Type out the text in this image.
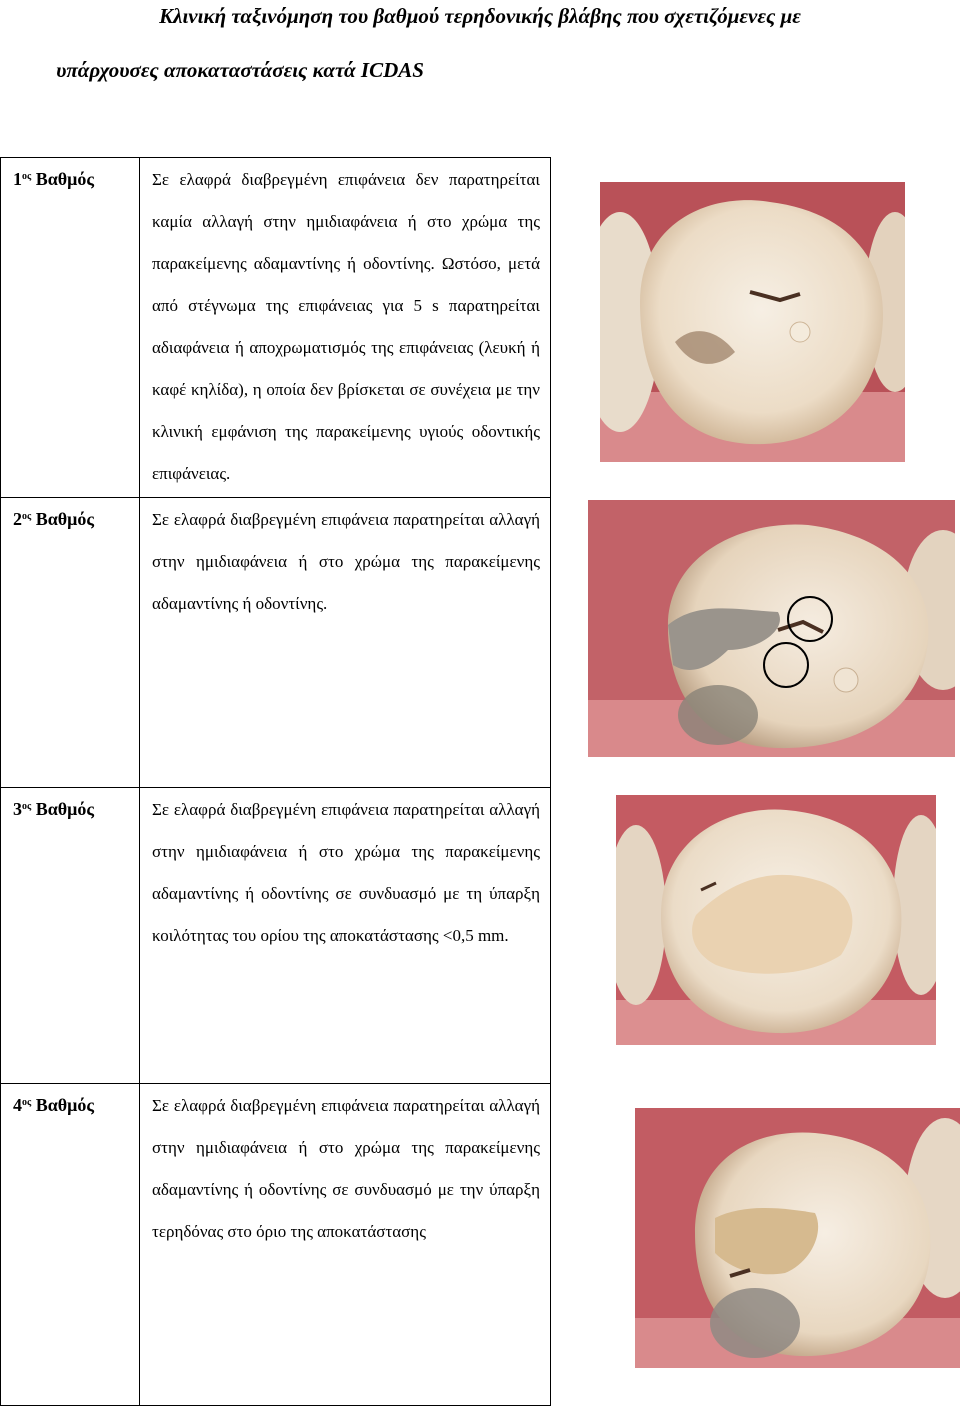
Κλινική ταξινόμηση του βαθμού τερηδονικής βλάβης που σχετιζόμενες με
υπάρχουσες αποκαταστάσεις κατά ICDAS
$1^{o\varsigma}$ Βαθμός	Σε ελαφρά διαβρεγμένη επιφάνεια δεν παρατηρείται καμία αλλαγή στην ημιδιαφάνεια ή στο χρώμα της παρακείμενης αδαμαντίνης ή οδοντίνης. Ωστόσο, μετά από στέγνωμα της επιφάνειας για 5 s παρατηρείται αδιαφάνεια ή αποχρωματισμός της επιφάνειας (λευκή ή καφέ κηλίδα), η οποία δεν βρίσκεται σε συνέχεια με την κλινική εμφάνιση της παρακείμενης υγιούς οδοντικής επιφάνειας.

$2^{o\varsigma}$ Βαθμός	Σε ελαφρά διαβρεγμένη επιφάνεια παρατηρείται αλλαγή στην ημιδιαφάνεια ή στο χρώμα της παρακείμενης αδαμαντίνης ή οδοντίνης.

$3^{o\varsigma}$ Βαθμός	Σε ελαφρά διαβρεγμένη επιφάνεια παρατηρείται αλλαγή στην ημιδιαφάνεια ή στο χρώμα της παρακείμενης αδαμαντίνης ή οδοντίνης σε συνδυασμό με τη ύπαρξη κοιλότητας του ορίου της αποκατάστασης <0,5 mm.

$4^{o\varsigma}$ Βαθμός	Σε ελαφρά διαβρεγμένη επιφάνεια παρατηρείται αλλαγή στην ημιδιαφάνεια ή στο χρώμα της παρακείμενης αδαμαντίνης ή οδοντίνης σε συνδυασμό με την ύπαρξη τερηδόνας στο όριο της αποκατάστασης
